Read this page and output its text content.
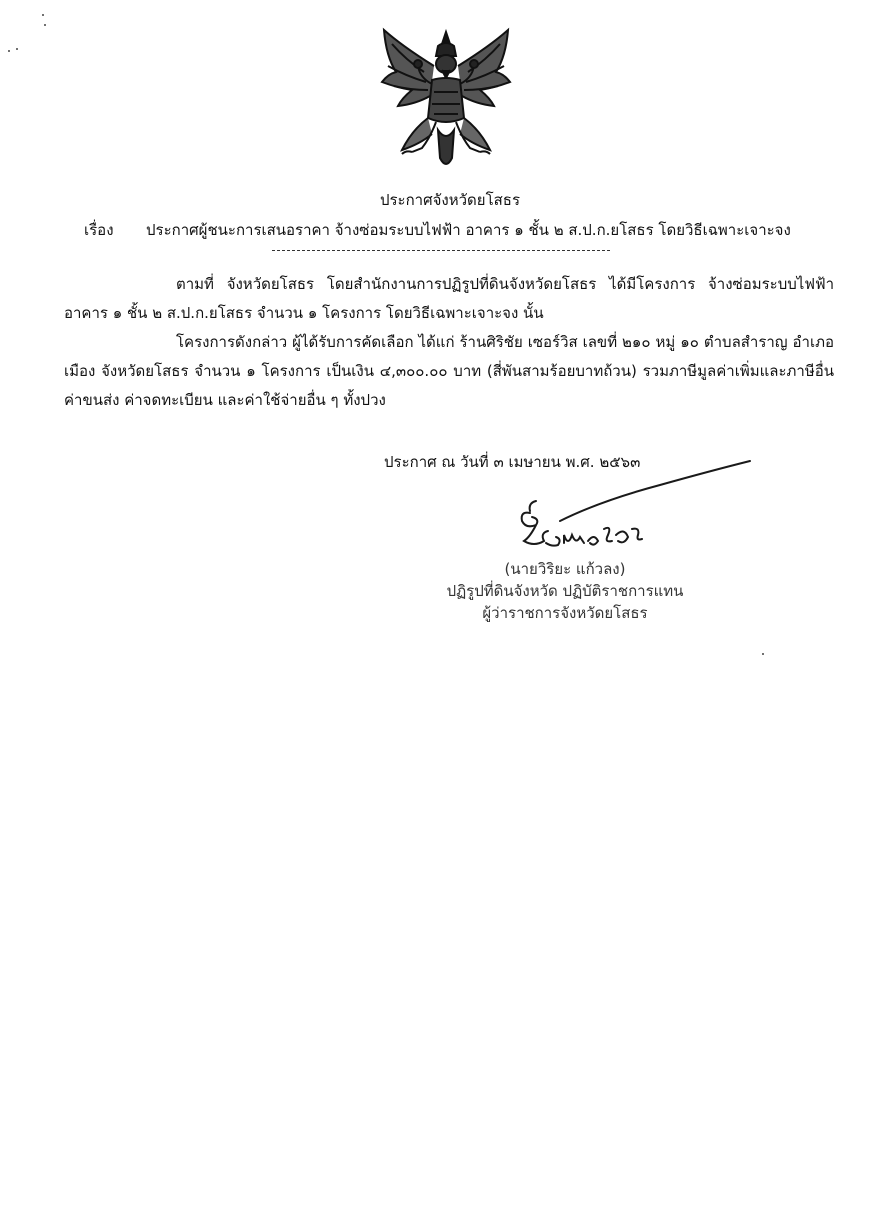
ประกาศจังหวัดยโสธร
เรื่อง ประกาศผู้ชนะการเสนอราคา จ้างซ่อมระบบไฟฟ้า อาคาร ๑ ชั้น ๒ ส.ป.ก.ยโสธร โดยวิธีเฉพาะเจาะจง
ตามที่ จังหวัดยโสธร โดยสำนักงานการปฏิรูปที่ดินจังหวัดยโสธร ได้มีโครงการ จ้างซ่อมระบบไฟฟ้า อาคาร ๑ ชั้น ๒ ส.ป.ก.ยโสธร จำนวน ๑ โครงการ โดยวิธีเฉพาะเจาะจง นั้น
โครงการดังกล่าว ผู้ได้รับการคัดเลือก ได้แก่ ร้านศิริชัย เซอร์วิส เลขที่ ๒๑๐ หมู่ ๑๐ ตำบลสำราญ อำเภอเมือง จังหวัดยโสธร จำนวน ๑ โครงการ เป็นเงิน ๔,๓๐๐.๐๐ บาท (สี่พันสามร้อยบาทถ้วน) รวมภาษีมูลค่าเพิ่มและภาษีอื่น ค่าขนส่ง ค่าจดทะเบียน และค่าใช้จ่ายอื่น ๆ ทั้งปวง
ประกาศ ณ วันที่ ๓ เมษายน พ.ศ. ๒๕๖๓
(นายวิริยะ แก้วลง)
ปฏิรูปที่ดินจังหวัด ปฏิบัติราชการแทน
ผู้ว่าราชการจังหวัดยโสธร
